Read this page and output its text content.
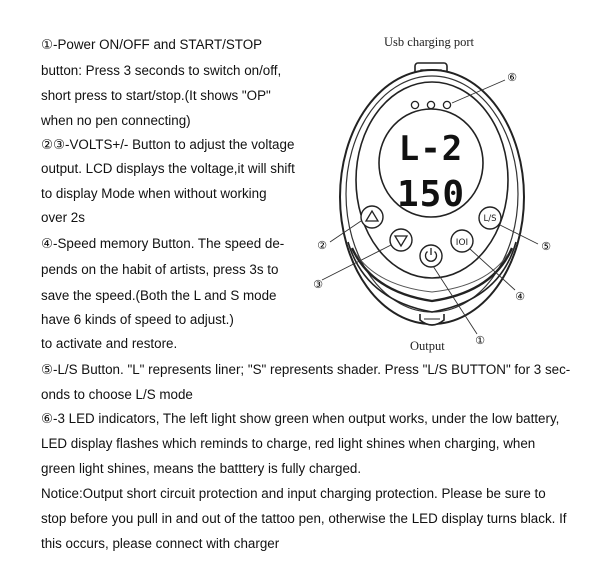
①-Power ON/OFF and START/STOP
button: Press 3 seconds to switch on/off,
short press to start/stop.(It shows "OP"
when no pen connecting)
②③-VOLTS+/- Button to adjust the voltage
output. LCD displays the voltage,it will shift
to display Mode when without working
over 2s
④-Speed memory Button. The speed de-
pends on the habit of artists, press 3s to
save the speed.(Both the L and S mode
have 6 kinds of speed to adjust.)
to activate and restore.
⑤-L/S Button. "L" represents liner; "S" represents shader. Press "L/S BUTTON" for 3 sec-
onds to choose L/S mode
⑥-3 LED indicators, The left light show green when output works, under the low battery,
LED display flashes which reminds to charge, red light shines when charging, when
green light shines, means the batttery is fully charged.
Notice:Output short circuit protection and input charging protection. Please be sure to
stop before you pull in and out of the tattoo pen, otherwise the LED display turns black. If
this occurs, please connect with charger
Usb charging port
Output
L-2
150
IOI
L/S
①
②
③
④
⑤
⑥
